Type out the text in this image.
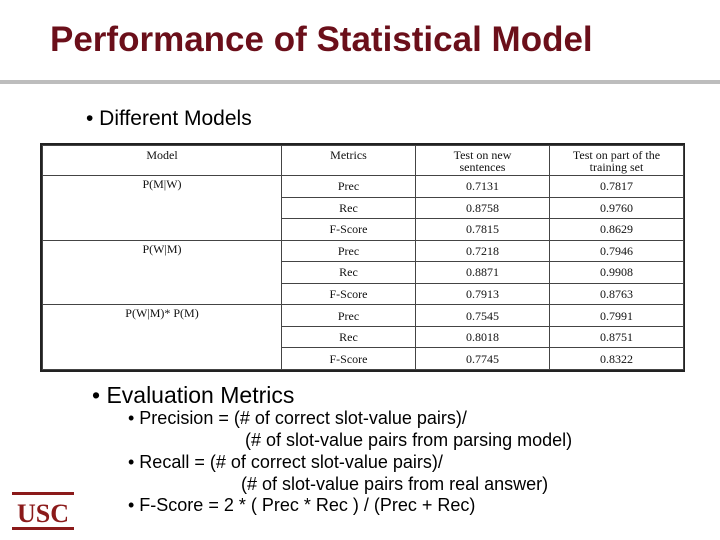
Performance of Statistical Model
• Different Models
Model	Metrics	Test on new sentences	Test on part of the training set
P(M|W)	Prec	0.7131	0.7817
	Rec	0.8758	0.9760
	F-Score	0.7815	0.8629
P(W|M)	Prec	0.7218	0.7946
	Rec	0.8871	0.9908
	F-Score	0.7913	0.8763
P(W|M)* P(M)	Prec	0.7545	0.7991
	Rec	0.8018	0.8751
	F-Score	0.7745	0.8322
• Evaluation Metrics
• Precision = (# of correct slot-value pairs)/
(# of slot-value pairs from parsing model)
• Recall = (# of correct slot-value pairs)/
(# of slot-value pairs from real answer)
• F-Score = 2 * ( Prec * Rec ) / (Prec + Rec)
USC
